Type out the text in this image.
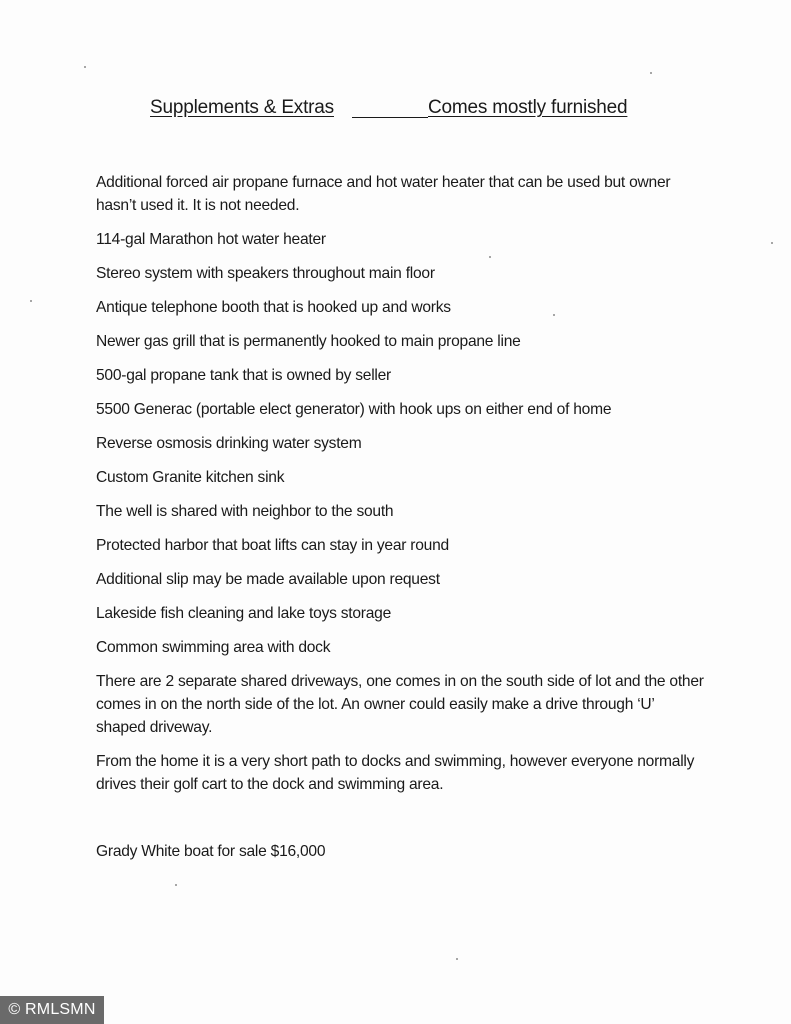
Supplements & Extras	Comes mostly furnished

Additional forced air propane furnace and hot water heater that can be used but owner hasn’t used it. It is not needed.

114-gal Marathon hot water heater

Stereo system with speakers throughout main floor

Antique telephone booth that is hooked up and works

Newer gas grill that is permanently hooked to main propane line

500-gal propane tank that is owned by seller

5500 Generac (portable elect generator) with hook ups on either end of home

Reverse osmosis drinking water system

Custom Granite kitchen sink

The well is shared with neighbor to the south

Protected harbor that boat lifts can stay in year round

Additional slip may be made available upon request

Lakeside fish cleaning and lake toys storage

Common swimming area with dock

There are 2 separate shared driveways, one comes in on the south side of lot and the other comes in on the north side of the lot. An owner could easily make a drive through ‘U’ shaped driveway.

From the home it is a very short path to docks and swimming, however everyone normally drives their golf cart to the dock and swimming area.

Grady White boat for sale $16,000

© RMLSMN
